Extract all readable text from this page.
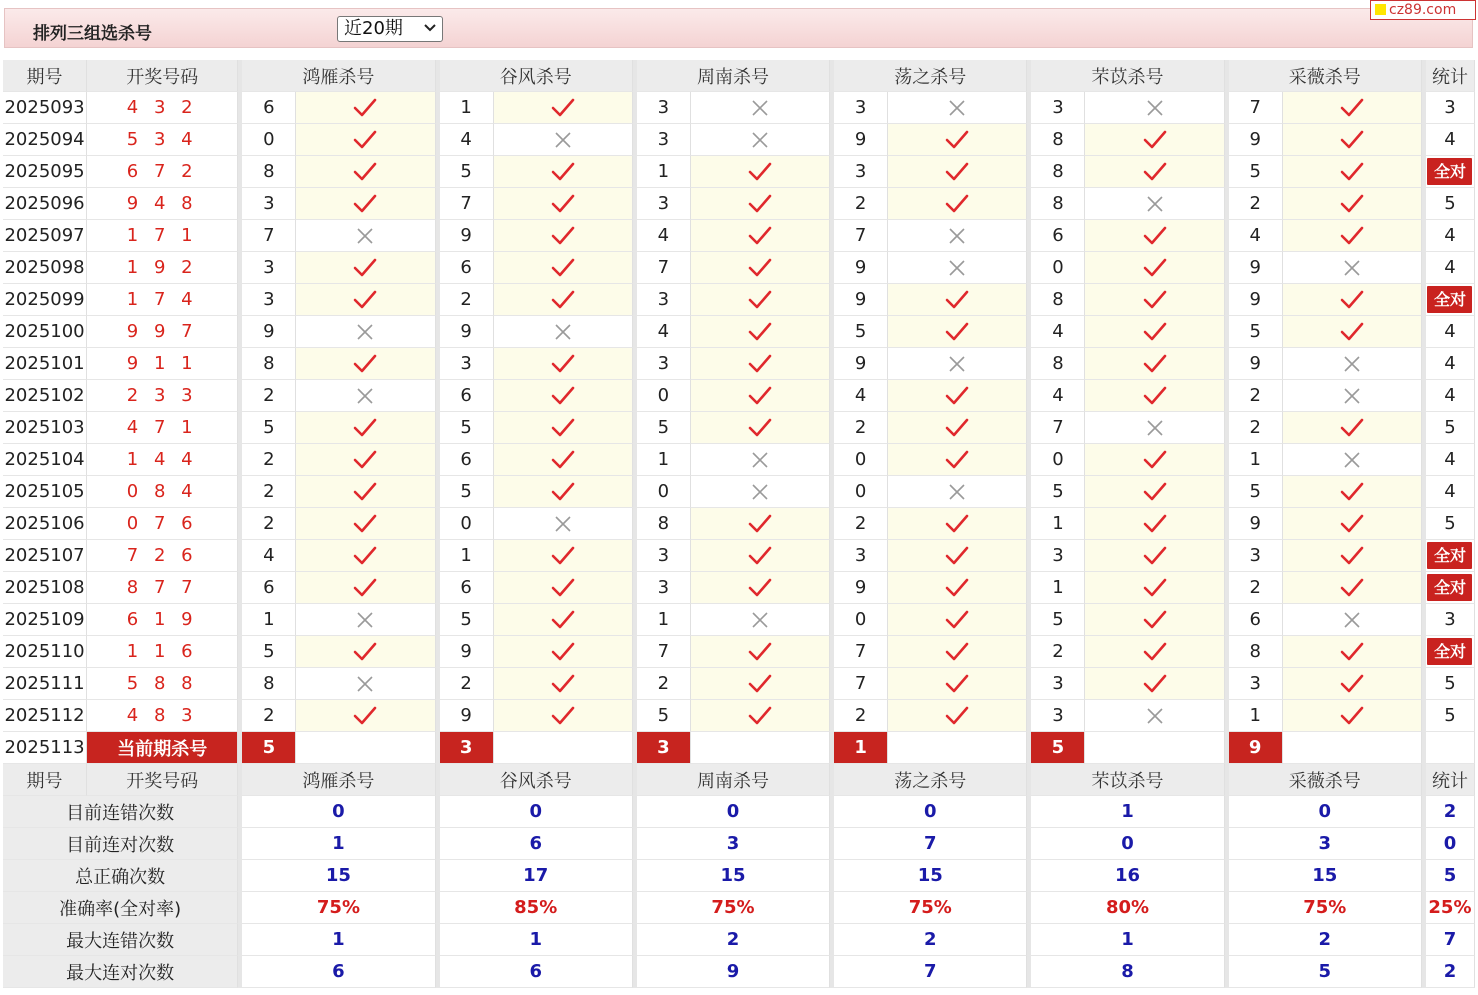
排列三组选杀号	近20期
cz89.com
期号	开奖号码	鸿雁杀号		谷风杀号		周南杀号		荡之杀号		芣苡杀号		采薇杀号		统计
2025093	4 3 2	6		1		3		3		3		7		3
2025094	5 3 4	0		4		3		9		8		9		4
2025095	6 7 2	8		5		1		3		8		5		全对
2025096	9 4 8	3		7		3		2		8		2		5
2025097	1 7 1	7		9		4		7		6		4		4
2025098	1 9 2	3		6		7		9		0		9		4
2025099	1 7 4	3		2		3		9		8		9		全对
2025100	9 9 7	9		9		4		5		4		5		4
2025101	9 1 1	8		3		3		9		8		9		4
2025102	2 3 3	2		6		0		4		4		2		4
2025103	4 7 1	5		5		5		2		7		2		5
2025104	1 4 4	2		6		1		0		0		1		4
2025105	0 8 4	2		5		0		0		5		5		4
2025106	0 7 6	2		0		8		2		1		9		5
2025107	7 2 6	4		1		3		3		3		3		全对
2025108	8 7 7	6		6		3		9		1		2		全对
2025109	6 1 9	1		5		1		0		5		6		3
2025110	1 1 6	5		9		7		7		2		8		全对
2025111	5 8 8	8		2		2		7		3		3		5
2025112	4 8 3	2		9		5		2		3		1		5
2025113	当前期杀号	5		3		3		1		5		9		
期号	开奖号码	鸿雁杀号		谷风杀号		周南杀号		荡之杀号		芣苡杀号		采薇杀号		统计
目前连错次数		0		0		0		0		1		0		2
目前连对次数		1		6		3		7		0		3		0
总正确次数		15		17		15		15		16		15		5
准确率(全对率)		75%		85%		75%		75%		80%		75%		25%
最大连错次数		1		1		2		2		1		2		7
最大连对次数		6		6		9		7		8		5		2
